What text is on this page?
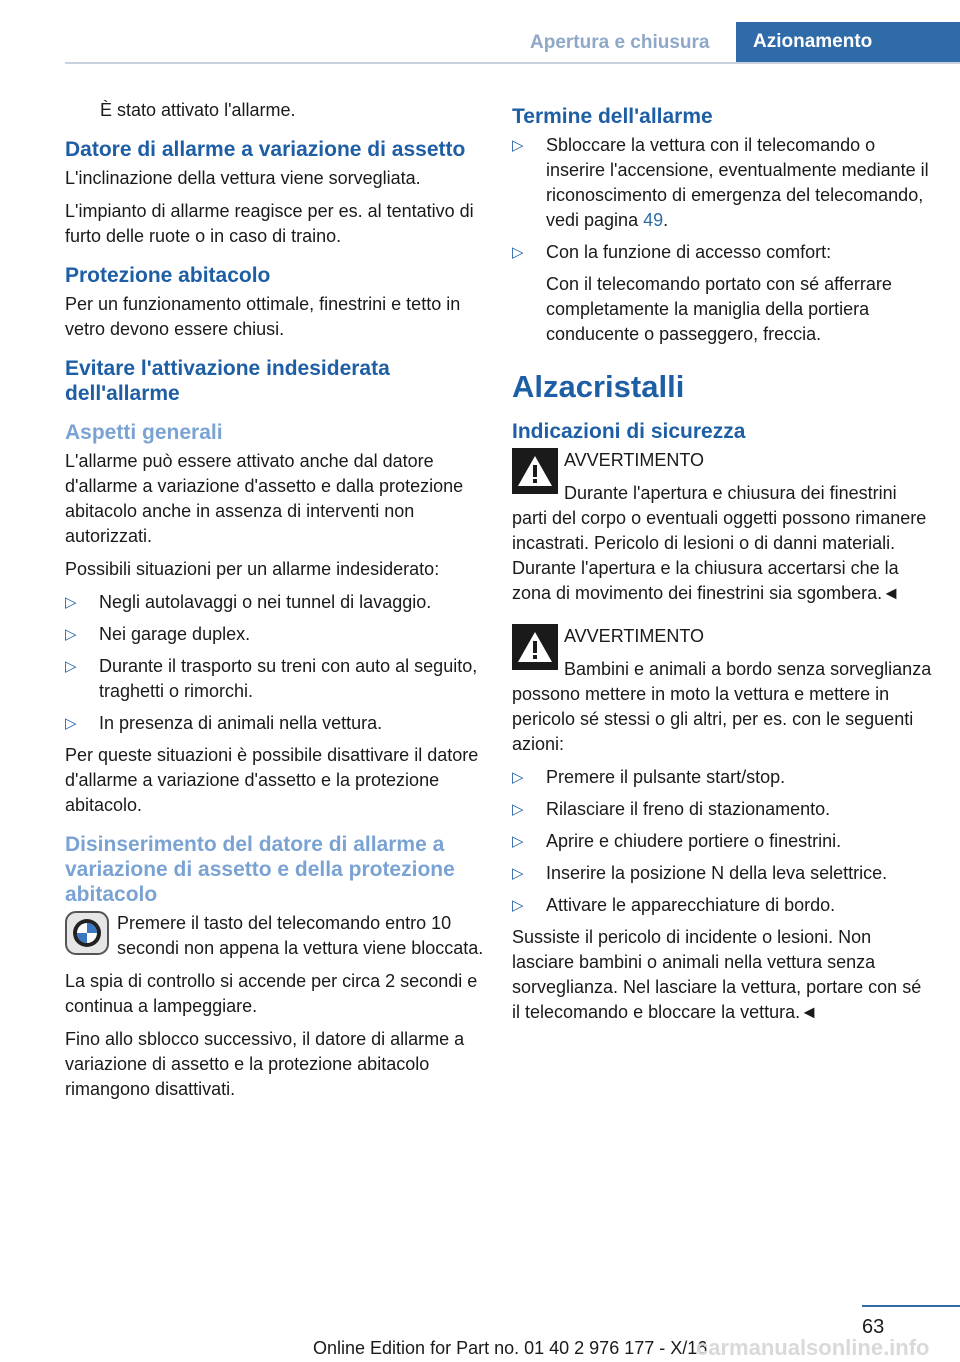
Apertura e chiusura	Azionamento

È stato attivato l'allarme.

Datore di allarme a variazione di assetto

L'inclinazione della vettura viene sorvegliata.

L'impianto di allarme reagisce per es. al tentativo di furto delle ruote o in caso di traino.

Protezione abitacolo

Per un funzionamento ottimale, finestrini e tetto in vetro devono essere chiusi.

Evitare l'attivazione indesiderata dell'allarme
Aspetti generali

L'allarme può essere attivato anche dal datore d'allarme a variazione d'assetto e dalla protezione abitacolo anche in assenza di interventi non autorizzati.

Possibili situazioni per un allarme indesiderato:

▷ Negli autolavaggi o nei tunnel di lavaggio.
▷ Nei garage duplex.
▷ Durante il trasporto su treni con auto al seguito, traghetti o rimorchi.
▷ In presenza di animali nella vettura.

Per queste situazioni è possibile disattivare il datore d'allarme a variazione d'assetto e la protezione abitacolo.

Disinserimento del datore di allarme a variazione di assetto e della protezione abitacolo

Premere il tasto del telecomando entro 10 secondi non appena la vettura viene bloccata.

La spia di controllo si accende per circa 2 secondi e continua a lampeggiare.

Fino allo sblocco successivo, il datore di allarme a variazione di assetto e la protezione abitacolo rimangono disattivati.

Termine dell'allarme
▷ Sbloccare la vettura con il telecomando o inserire l'accensione, eventualmente mediante il riconoscimento di emergenza del telecomando, vedi pagina 49.
▷ Con la funzione di accesso comfort:

Con il telecomando portato con sé afferrare completamente la maniglia della portiera conducente o passeggero, freccia.

Alzacristalli
Indicazioni di sicurezza

AVVERTIMENTO

Durante l'apertura e chiusura dei finestrini parti del corpo o eventuali oggetti possono rimanere incastrati. Pericolo di lesioni o di danni materiali. Durante l'apertura e la chiusura accertarsi che la zona di movimento dei finestrini sia sgombera.◄

AVVERTIMENTO

Bambini e animali a bordo senza sorveglianza possono mettere in moto la vettura e mettere in pericolo sé stessi o gli altri, per es. con le seguenti azioni:

▷ Premere il pulsante start/stop.
▷ Rilasciare il freno di stazionamento.
▷ Aprire e chiudere portiere o finestrini.
▷ Inserire la posizione N della leva selettrice.
▷ Attivare le apparecchiature di bordo.

Sussiste il pericolo di incidente o lesioni. Non lasciare bambini o animali nella vettura senza sorveglianza. Nel lasciare la vettura, portare con sé il telecomando e bloccare la vettura.◄

63
Online Edition for Part no. 01 40 2 976 177 - X/16
carmanualsonline.info
